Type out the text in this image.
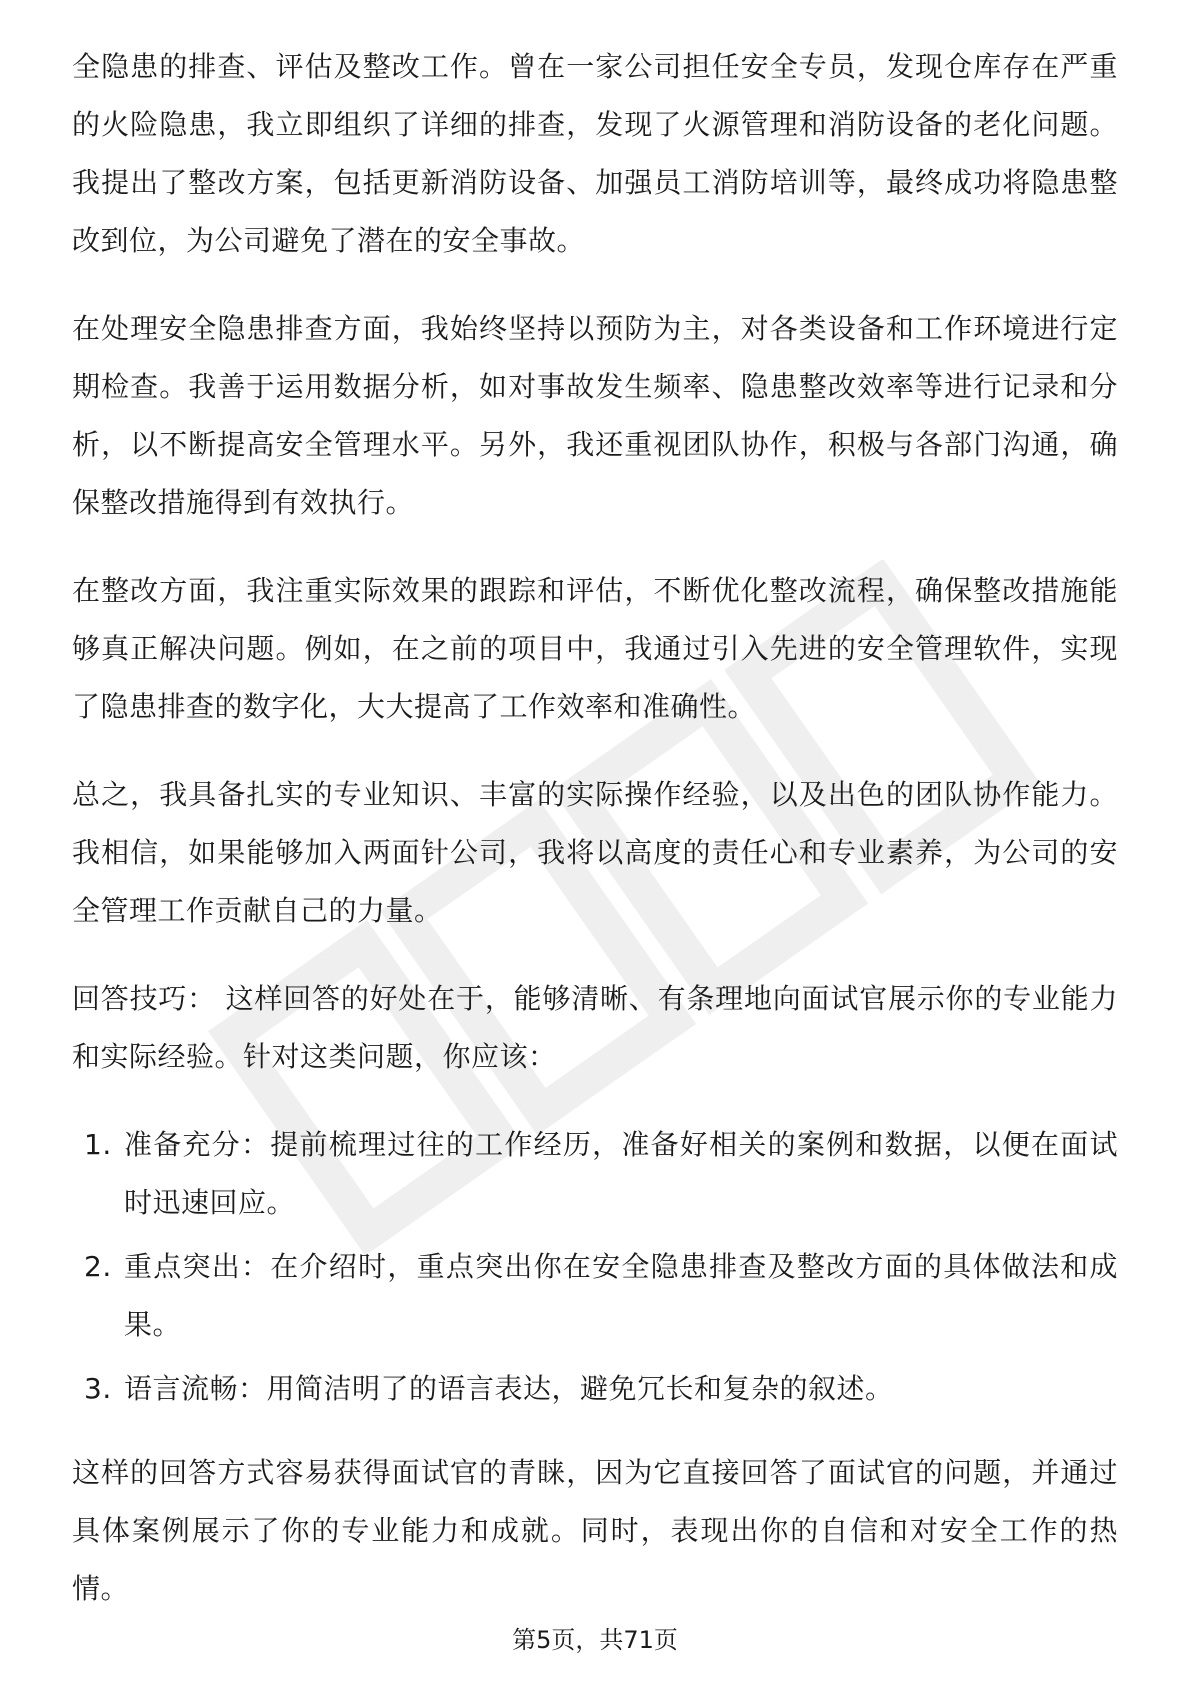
全隐患的排查、评估及整改工作。曾在一家公司担任安全专员，发现仓库存在严重的火险隐患，我立即组织了详细的排查，发现了火源管理和消防设备的老化问题。我提出了整改方案，包括更新消防设备、加强员工消防培训等，最终成功将隐患整改到位，为公司避免了潜在的安全事故。

在处理安全隐患排查方面，我始终坚持以预防为主，对各类设备和工作环境进行定期检查。我善于运用数据分析，如对事故发生频率、隐患整改效率等进行记录和分析，以不断提高安全管理水平。另外，我还重视团队协作，积极与各部门沟通，确保整改措施得到有效执行。

在整改方面，我注重实际效果的跟踪和评估，不断优化整改流程，确保整改措施能够真正解决问题。例如，在之前的项目中，我通过引入先进的安全管理软件，实现了隐患排查的数字化，大大提高了工作效率和准确性。

总之，我具备扎实的专业知识、丰富的实际操作经验，以及出色的团队协作能力。我相信，如果能够加入两面针公司，我将以高度的责任心和专业素养，为公司的安全管理工作贡献自己的力量。

回答技巧： 这样回答的好处在于，能够清晰、有条理地向面试官展示你的专业能力和实际经验。针对这类问题，你应该：

1. 准备充分：提前梳理过往的工作经历，准备好相关的案例和数据，以便在面试时迅速回应。
2. 重点突出：在介绍时，重点突出你在安全隐患排查及整改方面的具体做法和成果。
3. 语言流畅：用简洁明了的语言表达，避免冗长和复杂的叙述。

这样的回答方式容易获得面试官的青睐，因为它直接回答了面试官的问题，并通过具体案例展示了你的专业能力和成就。同时，表现出你的自信和对安全工作的热情。

第5页，共71页
